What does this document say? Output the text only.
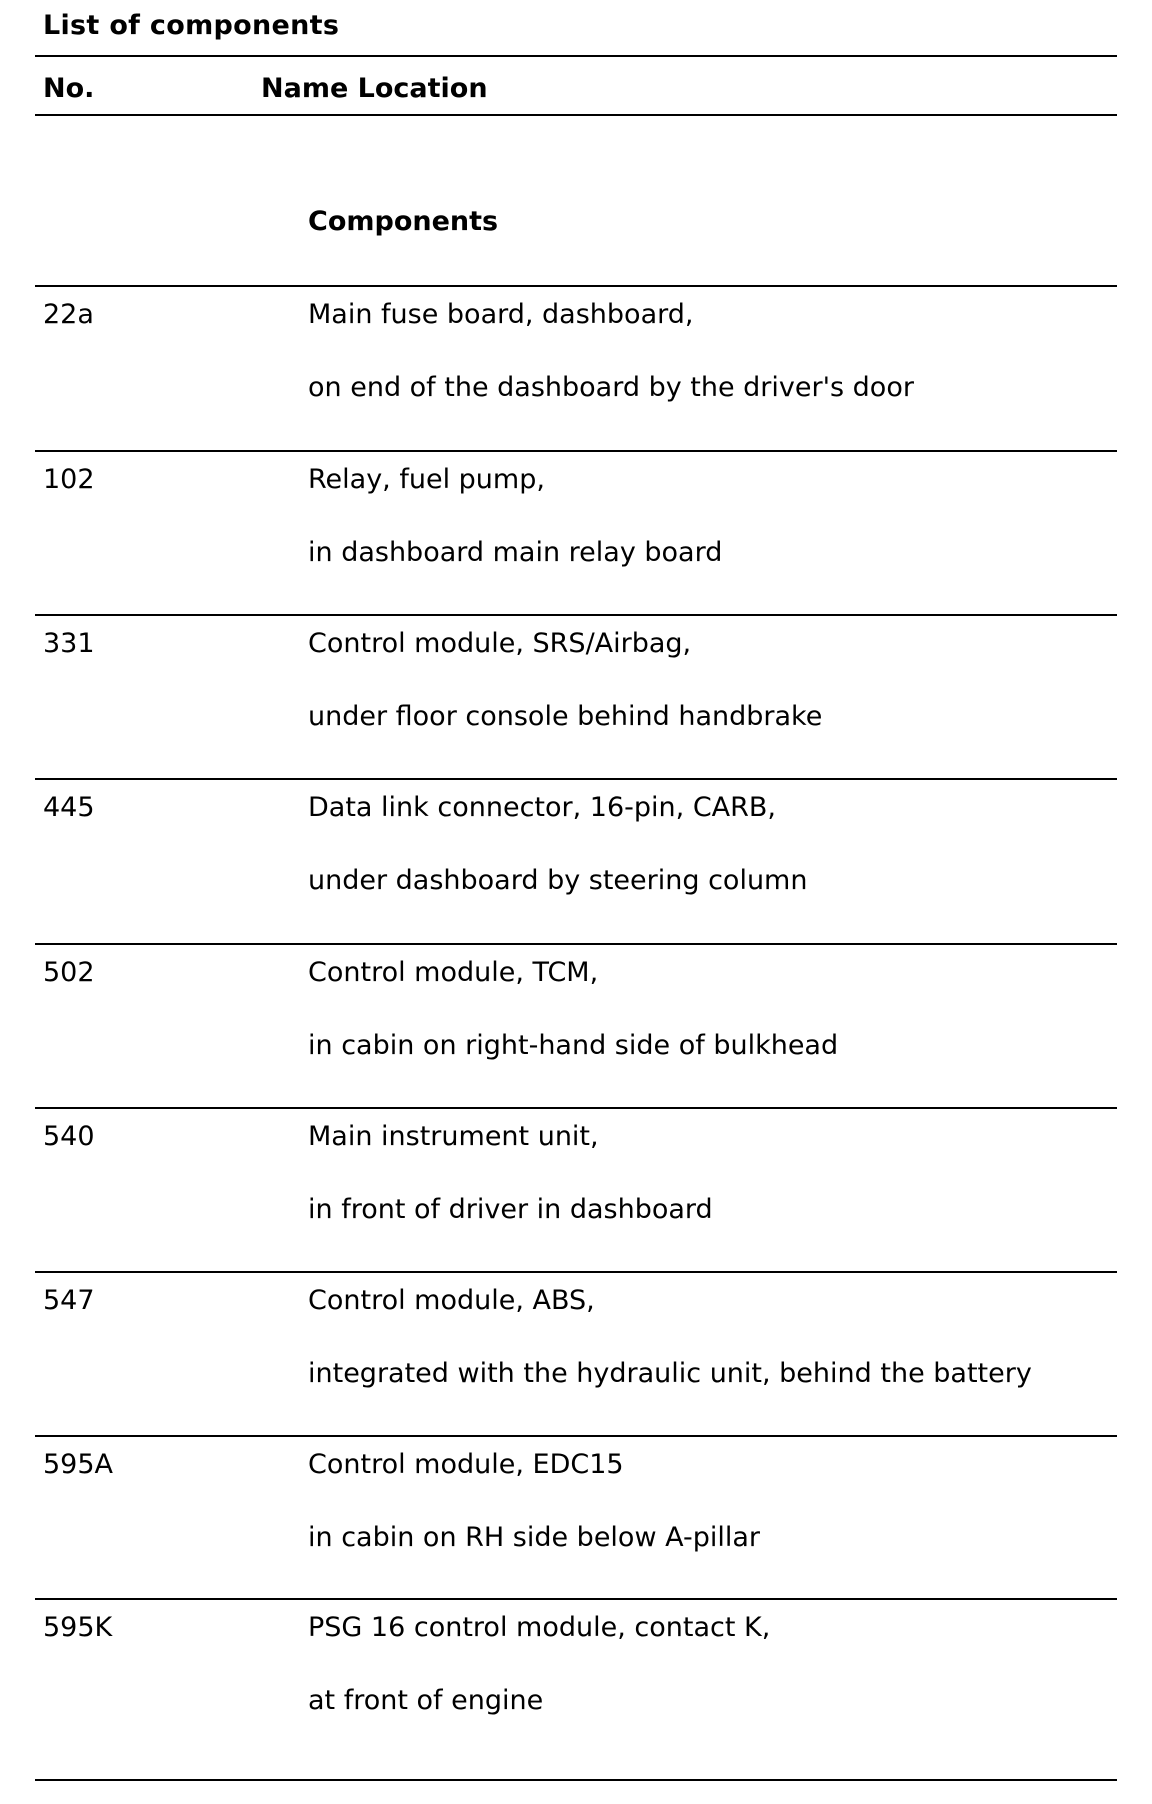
List of components
No.	Name Location
Components
22a	Main fuse board, dashboard,
on end of the dashboard by the driver's door
102	Relay, fuel pump,
in dashboard main relay board
331	Control module, SRS/Airbag,
under floor console behind handbrake
445	Data link connector, 16-pin, CARB,
under dashboard by steering column
502	Control module, TCM,
in cabin on right-hand side of bulkhead
540	Main instrument unit,
in front of driver in dashboard
547	Control module, ABS,
integrated with the hydraulic unit, behind the battery
595A	Control module, EDC15
in cabin on RH side below A-pillar
595K	PSG 16 control module, contact K,
at front of engine
